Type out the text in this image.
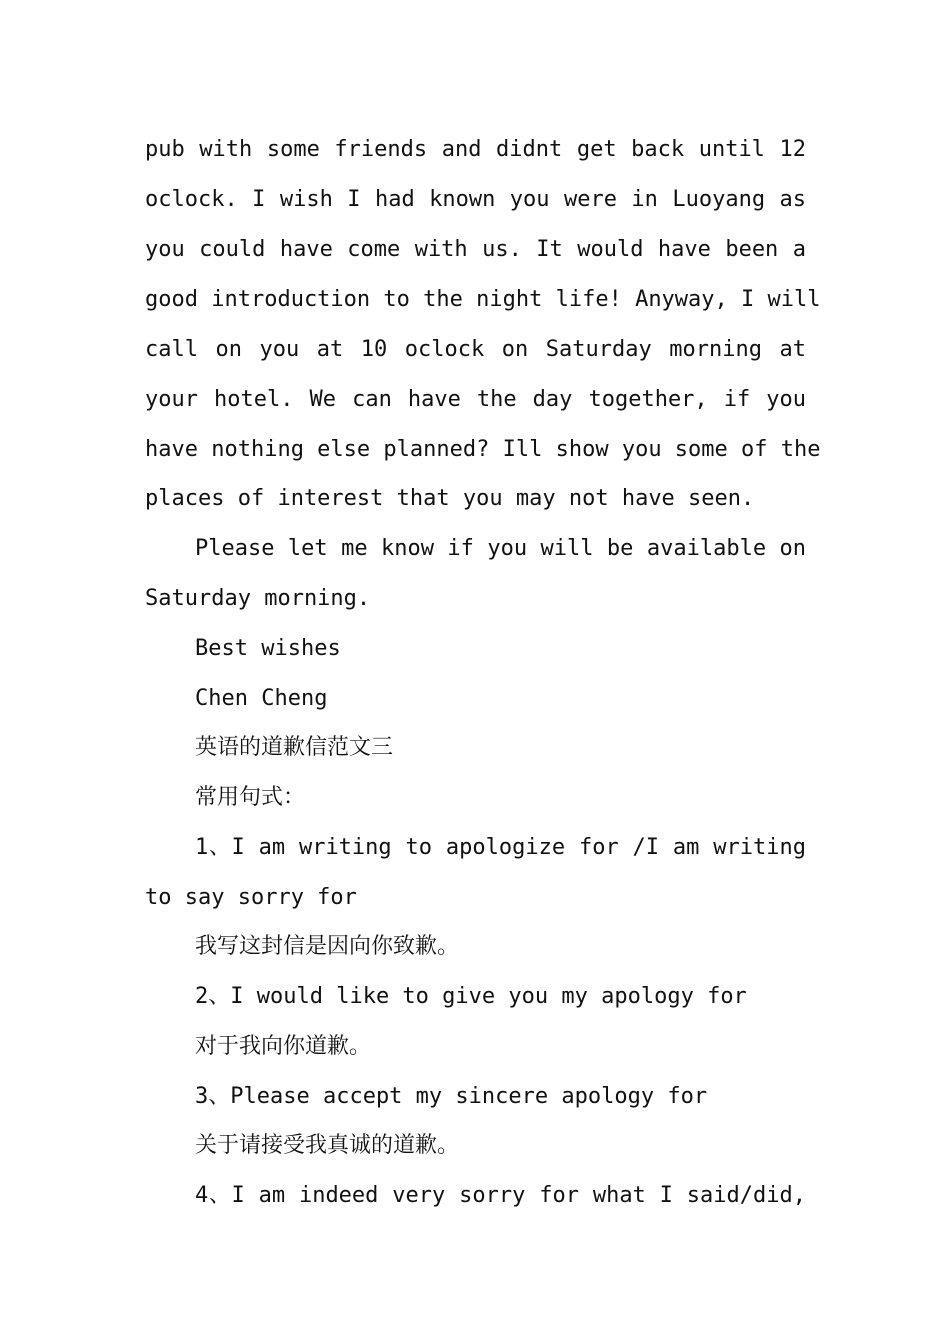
pub with some friends and didnt get back until 12
oclock. I wish I had known you were in Luoyang as
you could have come with us. It would have been a
good introduction to the night life! Anyway, I will
call on you at 10 oclock on Saturday morning at
your hotel. We can have the day together, if you
have nothing else planned? Ill show you some of the
places of interest that you may not have seen.
Please let me know if you will be available on
Saturday morning.
Best wishes
Chen Cheng
英语的道歉信范文三
常用句式：
1、I am writing to apologize for /I am writing
to say sorry for
我写这封信是因向你致歉。
2、I would like to give you my apology for
对于我向你道歉。
3、Please accept my sincere apology for
关于请接受我真诚的道歉。
4、I am indeed very sorry for what I said/did,
